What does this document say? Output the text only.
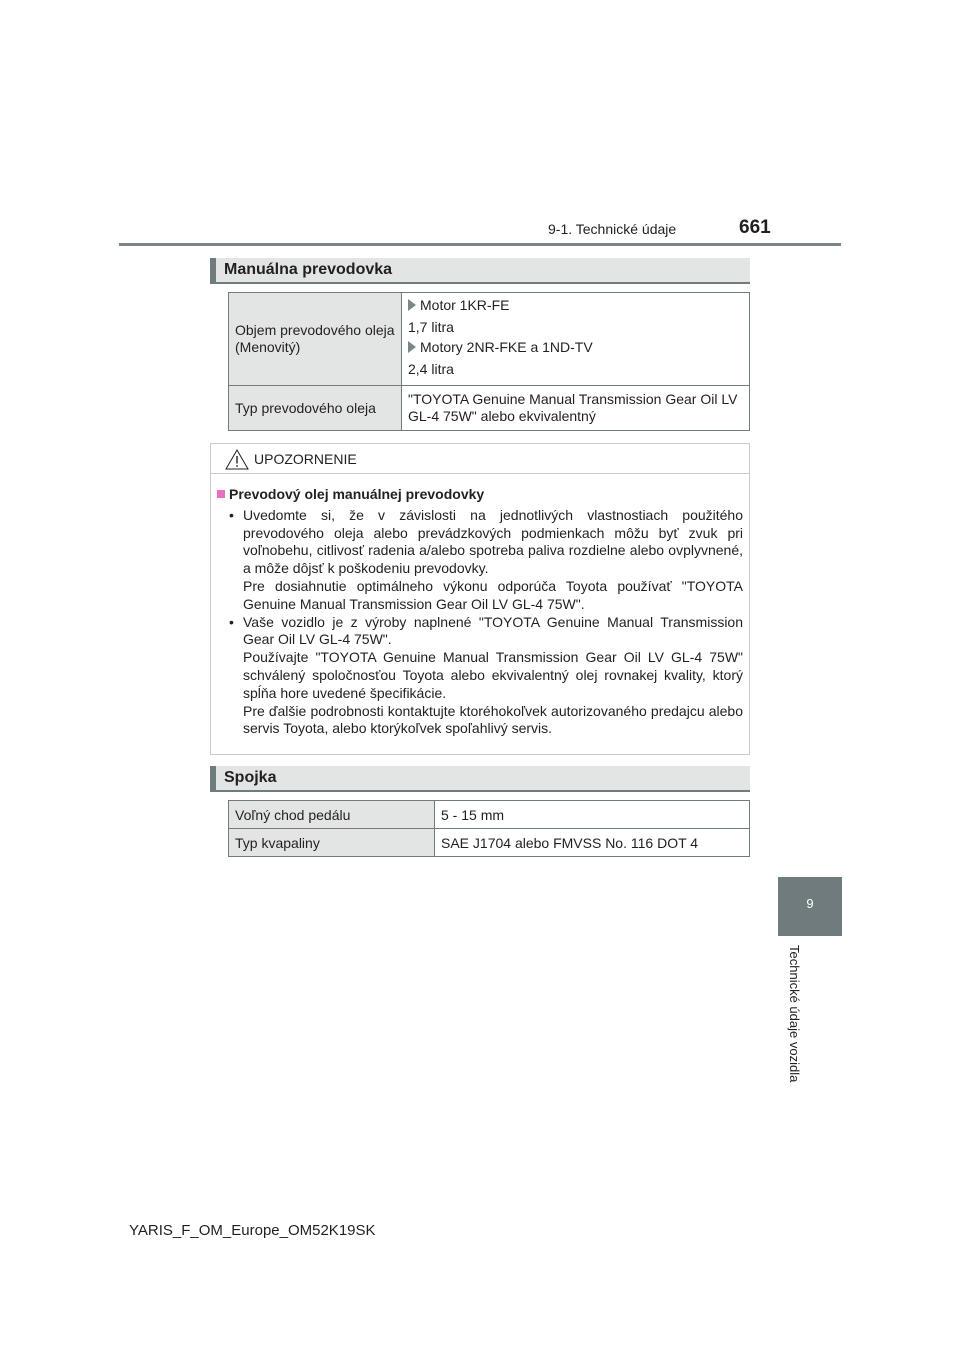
9-1. Technické údaje	661
9
Technické údaje vozidla
Manuálna prevodovka
Objem prevodového oleja (Menovitý)	Motor 1KR-FE
1,7 litra
Motory 2NR-FKE a 1ND-TV
2,4 litra

Typ prevodového oleja	"TOYOTA Genuine Manual Transmission Gear Oil LV GL-4 75W" alebo ekvivalentný
UPOZORNENIE
Prevodový olej manuálnej prevodovky
• Uvedomte si, že v závislosti na jednotlivých vlastnostiach použitého prevodového oleja alebo prevádzkových podmienkach môžu byť zvuk pri voľnobehu, citlivosť radenia a/alebo spotreba paliva rozdielne alebo ovplyvnené, a môže dôjsť k poškodeniu prevodovky.

Pre dosiahnutie optimálneho výkonu odporúča Toyota používať "TOYOTA Genuine Manual Transmission Gear Oil LV GL-4 75W".

• Vaše vozidlo je z výroby naplnené "TOYOTA Genuine Manual Transmission Gear Oil LV GL-4 75W".

Používajte "TOYOTA Genuine Manual Transmission Gear Oil LV GL-4 75W" schválený spoločnosťou Toyota alebo ekvivalentný olej rovnakej kvality, ktorý spĺňa hore uvedené špecifikácie.

Pre ďalšie podrobnosti kontaktujte ktoréhokoľvek autorizovaného predajcu alebo servis Toyota, alebo ktorýkoľvek spoľahlivý servis.

Spojka
Voľný chod pedálu	5 - 15 mm
Typ kvapaliny	SAE J1704 alebo FMVSS No. 116 DOT 4
YARIS_F_OM_Europe_OM52K19SK
